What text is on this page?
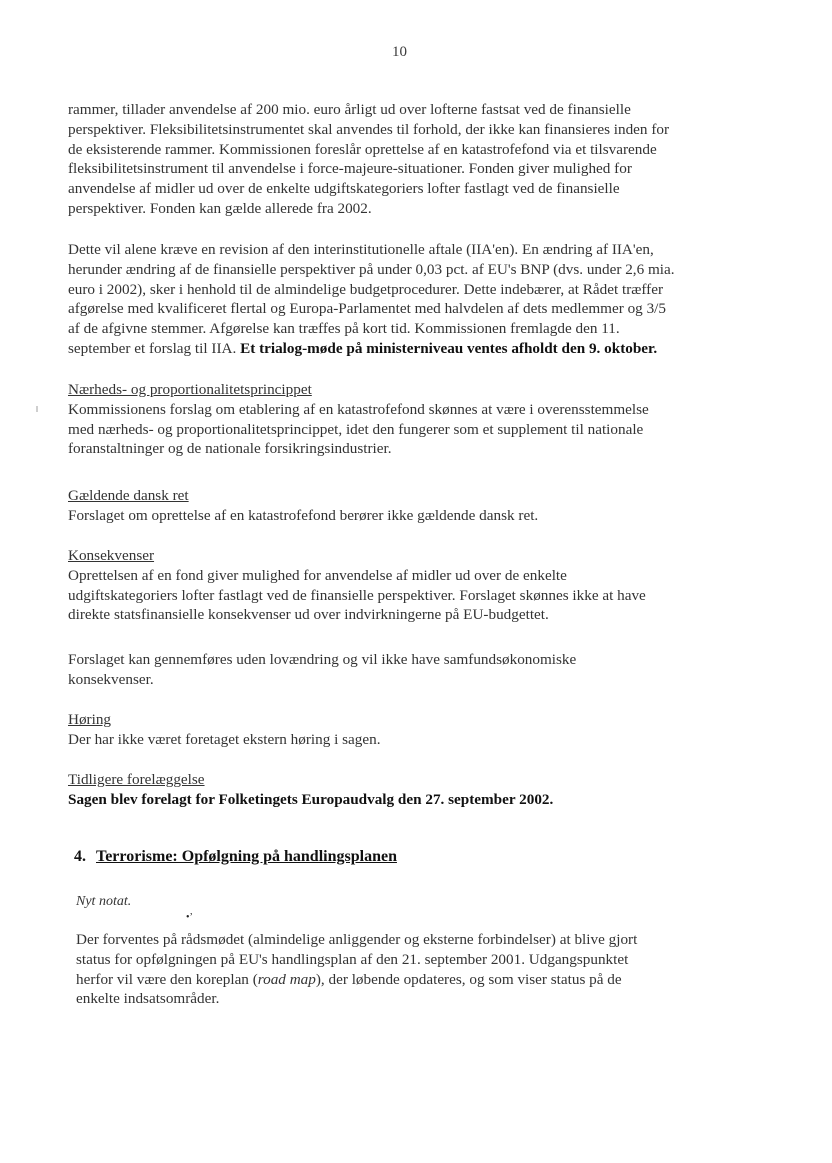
10
rammer, tillader anvendelse af 200 mio. euro årligt ud over lofterne fastsat ved de finansielle
perspektiver. Fleksibilitetsinstrumentet skal anvendes til forhold, der ikke kan finansieres inden for
de eksisterende rammer. Kommissionen foreslår oprettelse af en katastrofefond via et tilsvarende
fleksibilitetsinstrument til anvendelse i force-majeure-situationer. Fonden giver mulighed for
anvendelse af midler ud over de enkelte udgiftskategoriers lofter fastlagt ved de finansielle
perspektiver. Fonden kan gælde allerede fra 2002.
Dette vil alene kræve en revision af den interinstitutionelle aftale (IIA'en). En ændring af IIA'en,
herunder ændring af de finansielle perspektiver på under 0,03 pct. af EU's BNP (dvs. under 2,6 mia.
euro i 2002), sker i henhold til de almindelige budgetprocedurer. Dette indebærer, at Rådet træffer
afgørelse med kvalificeret flertal og Europa-Parlamentet med halvdelen af dets medlemmer og 3/5
af de afgivne stemmer. Afgørelse kan træffes på kort tid. Kommissionen fremlagde den 11.
september et forslag til IIA. Et trialog-møde på ministerniveau ventes afholdt den 9. oktober.
Nærheds- og proportionalitetsprincippet
Kommissionens forslag om etablering af en katastrofefond skønnes at være i overensstemmelse
med nærheds- og proportionalitetsprincippet, idet den fungerer som et supplement til nationale
foranstaltninger og de nationale forsikringsindustrier.
Gældende dansk ret
Forslaget om oprettelse af en katastrofefond berører ikke gældende dansk ret.
Konsekvenser
Oprettelsen af en fond giver mulighed for anvendelse af midler ud over de enkelte
udgiftskategoriers lofter fastlagt ved de finansielle perspektiver. Forslaget skønnes ikke at have
direkte statsfinansielle konsekvenser ud over indvirkningerne på EU-budgettet.
Forslaget kan gennemføres uden lovændring og vil ikke have samfundsøkonomiske
konsekvenser.
Høring
Der har ikke været foretaget ekstern høring i sagen.
Tidligere forelæggelse
Sagen blev forelagt for Folketingets Europaudvalg den 27. september 2002.
4. Terrorisme: Opfølgning på handlingsplanen
Nyt notat.
•’
Der forventes på rådsmødet (almindelige anliggender og eksterne forbindelser) at blive gjort
status for opfølgningen på EU's handlingsplan af den 21. september 2001. Udgangspunktet
herfor vil være den koreplan (road map), der løbende opdateres, og som viser status på de
enkelte indsatsområder.
